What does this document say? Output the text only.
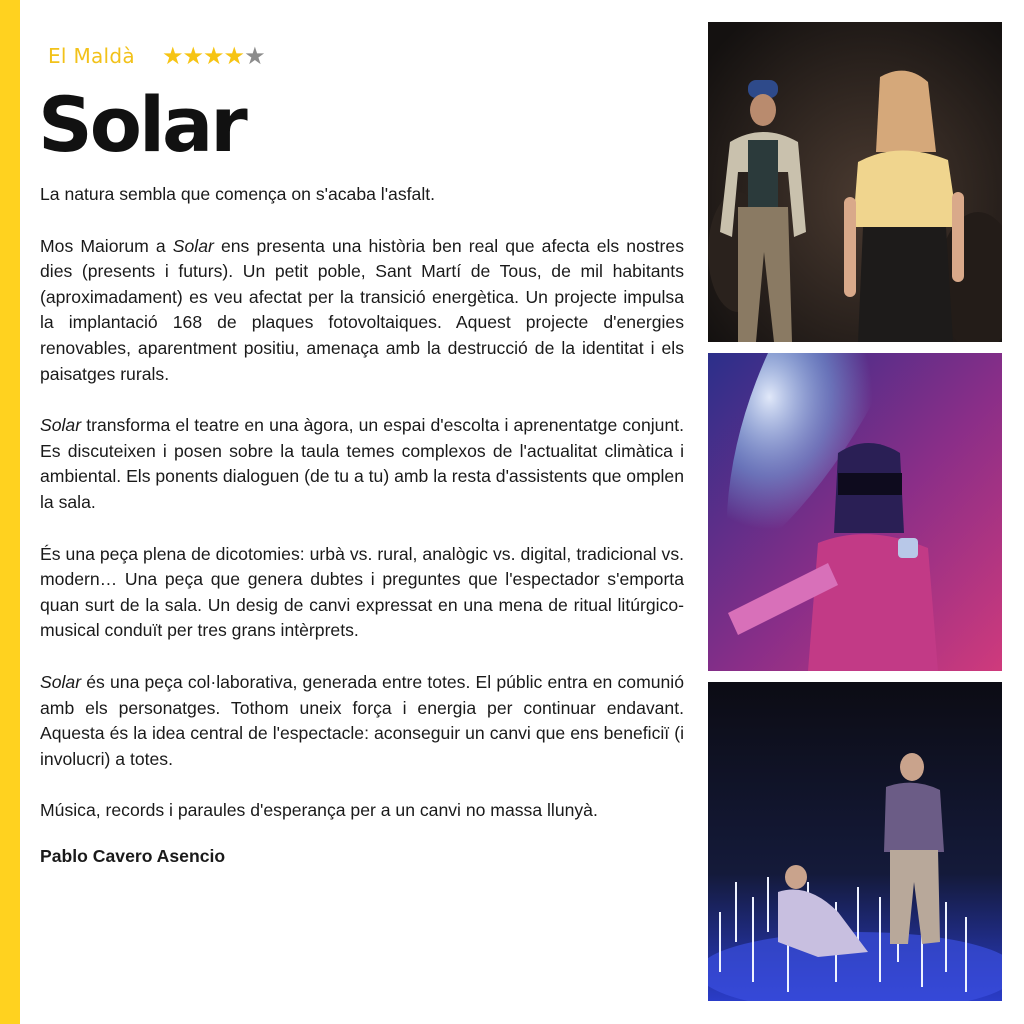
El Maldà ★★★★★
Solar

La natura sembla que comença on s'acaba l'asfalt.

Mos Maiorum a Solar ens presenta una història ben real que afecta els nostres dies (presents i futurs). Un petit poble, Sant Martí de Tous, de mil habitants (aproximadament) es veu afectat per la transició energètica. Un projecte impulsa la implantació 168 de plaques fotovoltaiques. Aquest projecte d'energies renovables, aparentment positiu, amenaça amb la destrucció de la identitat i els paisatges rurals.

Solar transforma el teatre en una àgora, un espai d'escolta i aprenentatge conjunt. Es discuteixen i posen sobre la taula temes complexos de l'actualitat climàtica i ambiental. Els ponents dialoguen (de tu a tu) amb la resta d'assistents que omplen la sala.

És una peça plena de dicotomies: urbà vs. rural, analògic vs. digital, tradicional vs. modern… Una peça que genera dubtes i preguntes que l'espectador s'emporta quan surt de la sala. Un desig de canvi expressat en una mena de ritual litúrgico-musical conduït per tres grans intèrprets.

Solar és una peça col·laborativa, generada entre totes. El públic entra en comunió amb els personatges. Tothom uneix força i energia per continuar endavant. Aquesta és la idea central de l'espectacle: aconseguir un canvi que ens beneficiï (i involucri) a totes.

Música, records i paraules d'esperança per a un canvi no massa llunyà.

Pablo Cavero Asencio
